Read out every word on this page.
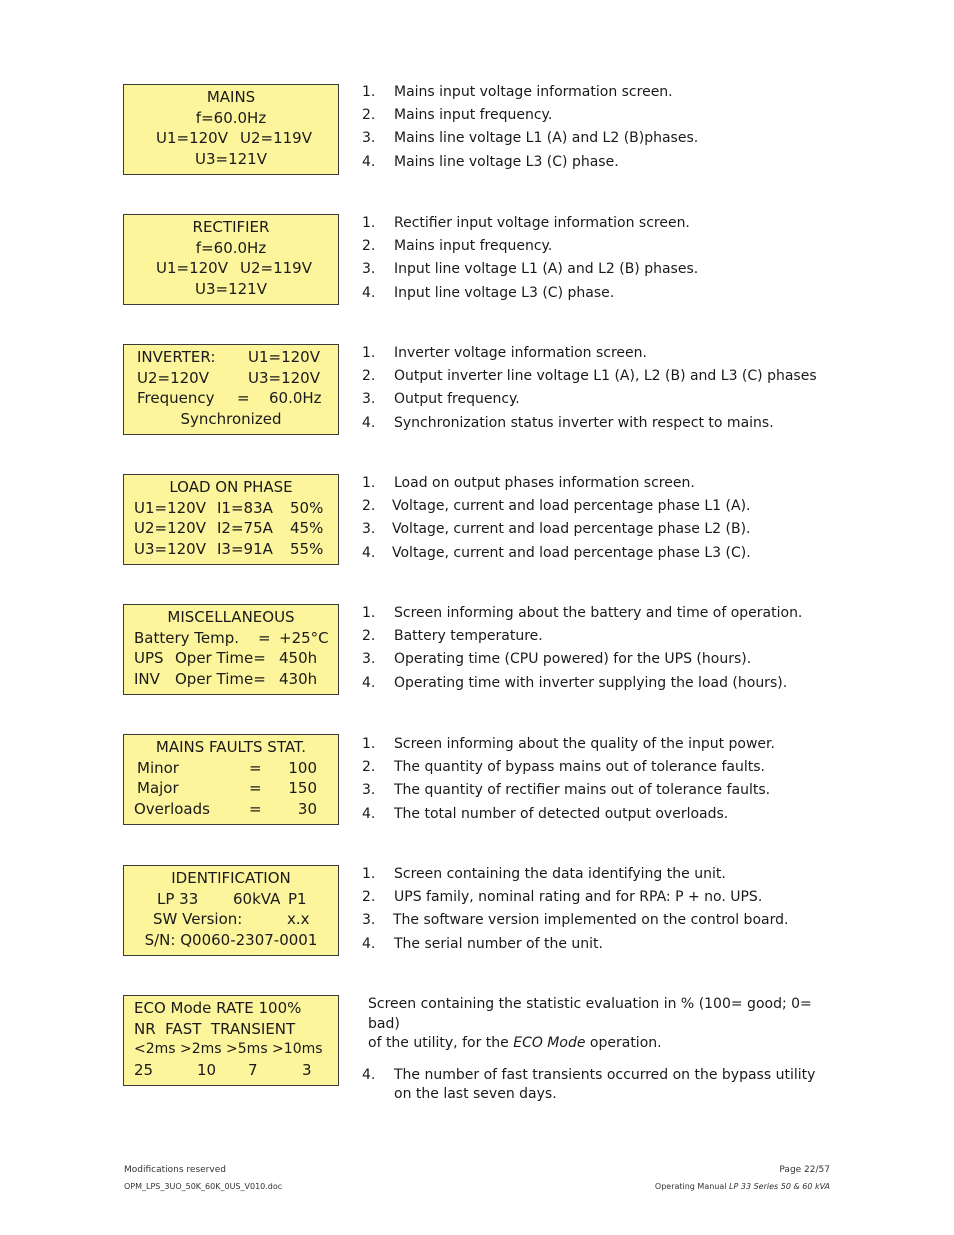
MAINS
f=60.0Hz
U1=120V U2=119V
U3=121V
1. Mains input voltage information screen.
2. Mains input frequency.
3. Mains line voltage L1 (A) and L2 (B)phases.
4. Mains line voltage L3 (C) phase.
RECTIFIER
f=60.0Hz
U1=120V U2=119V
U3=121V
1. Rectifier input voltage information screen.
2. Mains input frequency.
3. Input line voltage L1 (A) and L2 (B) phases.
4. Input line voltage L3 (C) phase.
INVERTER: U1=120V
U2=120V	U3=120V
Frequency = 60.0Hz
Synchronized
1. Inverter voltage information screen.
2. Output inverter line voltage L1 (A), L2 (B) and L3 (C) phases
3. Output frequency.
4. Synchronization status inverter with respect to mains.
LOAD ON PHASE
U1=120V I1=83A 50%
U2=120V I2=75A 45%
U3=120V I3=91A 55%
1. Load on output phases information screen.
2. Voltage, current and load percentage phase L1 (A).
3. Voltage, current and load percentage phase L2 (B).
4. Voltage, current and load percentage phase L3 (C).
MISCELLANEOUS
Battery Temp. = +25°C
UPS Oper Time= 450h
INV Oper Time= 430h
1. Screen informing about the battery and time of operation.
2. Battery temperature.
3. Operating time (CPU powered) for the UPS (hours).
4. Operating time with inverter supplying the load (hours).
MAINS FAULTS STAT.
Minor	= 100
Major	= 150
Overloads	= 30
1. Screen informing about the quality of the input power.
2. The quantity of bypass mains out of tolerance faults.
3. The quantity of rectifier mains out of tolerance faults.
4. The total number of detected output overloads.
IDENTIFICATION
LP 33 60kVA P1
SW Version:	x.x
S/N: Q0060-2307-0001
1. Screen containing the data identifying the unit.
2. UPS family, nominal rating and for RPA: P + no. UPS.
3. The software version implemented on the control board.
4. The serial number of the unit.
ECO Mode RATE 100%
NR  FAST  TRANSIENT
<2ms >2ms >5ms >10ms
25	10 7	3
Screen containing the statistic evaluation in % (100= good; 0= bad)
of the utility, for the ECO Mode operation.
4. The number of fast transients occurred on the bypass utility on the last seven days.
Modifications reserved
OPM_LPS_3UO_50K_60K_0US_V010.doc
Page 22/57
Operating Manual LP 33 Series 50 & 60 kVA
